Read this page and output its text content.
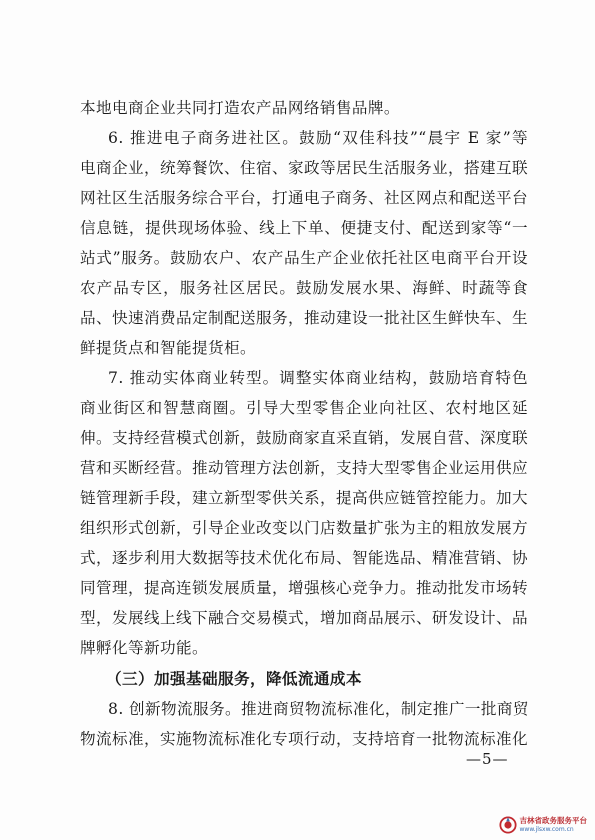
本地电商企业共同打造农产品网络销售品牌。
6. 推进电子商务进社区。鼓励“双佳科技”“晨宇 E 家”等
电商企业，统筹餐饮、住宿、家政等居民生活服务业，搭建互联
网社区生活服务综合平台，打通电子商务、社区网点和配送平台
信息链，提供现场体验、线上下单、便捷支付、配送到家等“一
站式”服务。鼓励农户、农产品生产企业依托社区电商平台开设
农产品专区，服务社区居民。鼓励发展水果、海鲜、时蔬等食
品、快速消费品定制配送服务，推动建设一批社区生鲜快车、生
鲜提货点和智能提货柜。
7. 推动实体商业转型。调整实体商业结构，鼓励培育特色
商业街区和智慧商圈。引导大型零售企业向社区、农村地区延
伸。支持经营模式创新，鼓励商家直采直销，发展自营、深度联
营和买断经营。推动管理方法创新，支持大型零售企业运用供应
链管理新手段，建立新型零供关系，提高供应链管控能力。加大
组织形式创新，引导企业改变以门店数量扩张为主的粗放发展方
式，逐步利用大数据等技术优化布局、智能选品、精准营销、协
同管理，提高连锁发展质量，增强核心竞争力。推动批发市场转
型，发展线上线下融合交易模式，增加商品展示、研发设计、品
牌孵化等新功能。
（三）加强基础服务，降低流通成本
8. 创新物流服务。推进商贸物流标准化，制定推广一批商贸
物流标准，实施物流标准化专项行动，支持培育一批物流标准化
—5—
吉林省政务服务平台
www.jlsxw.com.cn
